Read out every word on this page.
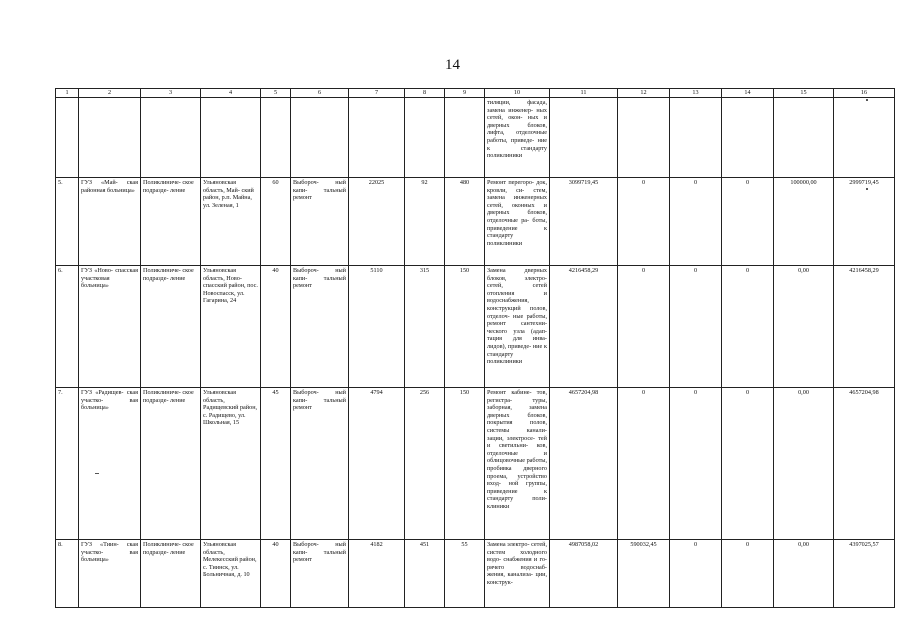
14
1	2	3	4	5	6	7	8	9	10	11	12	13	14	15	16
									тиляции, фасада, замена инженер- ных сетей, окон- ных и дверных блоков, лифта, отделочные работы, приведе- ние к стандарту поликлиники						
5.	ГУЗ «Май- ская районная больница»	Поликлиниче- ское подразде- ление	Ульяновская область, Май- ский район, р.п. Майна, ул. Зеленая, 1	60	Выбороч- ный капи- тальный ремонт	22025	92	480	Ремонт перегоро- док, кровли, си- стем, замена инженерных сетей, оконных и дверных блоков, отделочные ра- боты, приведение к стандарту поликлиники	3099719,45	0	0	0	100000,00	2999719,45
6.	ГУЗ «Ново- спасская участковая больница»	Поликлиниче- ское подразде- ление	Ульяновская область, Ново- спасский район, пос. Новоспасск, ул. Гагарина, 24	40	Выбороч- ный капи- тальный ремонт	5110	315	150	Замена дверных блоков, электро- сетей, сетей отопления и водоснабжения, конструкций полов, отделоч- ные работы, ремонт сантехни- ческого узла (адап- тация для инва- лидов), приведе- ние к стандарту поликлиники	4216458,29	0	0	0	0,00	4216458,29
7.	ГУЗ «Радищев- ская участко- вая больница»	Поликлиниче- ское подразде- ление	Ульяновская область, Радищевский район, с. Радищево, ул. Школьная, 15	45	Выбороч- ный капи- тальный ремонт	4794	256	150	Ремонт кабине- тов, регистра- туры, заборная, замена дверных блоков, покрытия полов, системы канали- зации, электросе- тей и светильни- ков, отделочные и облицовочные работы, пробивка дверного проема, устройство вход- ной группы, приведение к стандарту поли- клиники	4657204,98	0	0	0	0,00	4657204,98
8.	ГУЗ «Тиин- ская участко- вая больница»	Поликлиниче- ское подразде- ление	Ульяновская область, Мелекесский район, с. Тиинск, ул. Больничная, д. 10	40	Выбороч- ный капи- тальный ремонт	4182	451	55	Замена электро- сетей, систем холодного водо- снабжения и го- рячего водоснаб- жения, канализа- ции, конструк-	4987058,02	590032,45	0	0	0,00	4397025,57
